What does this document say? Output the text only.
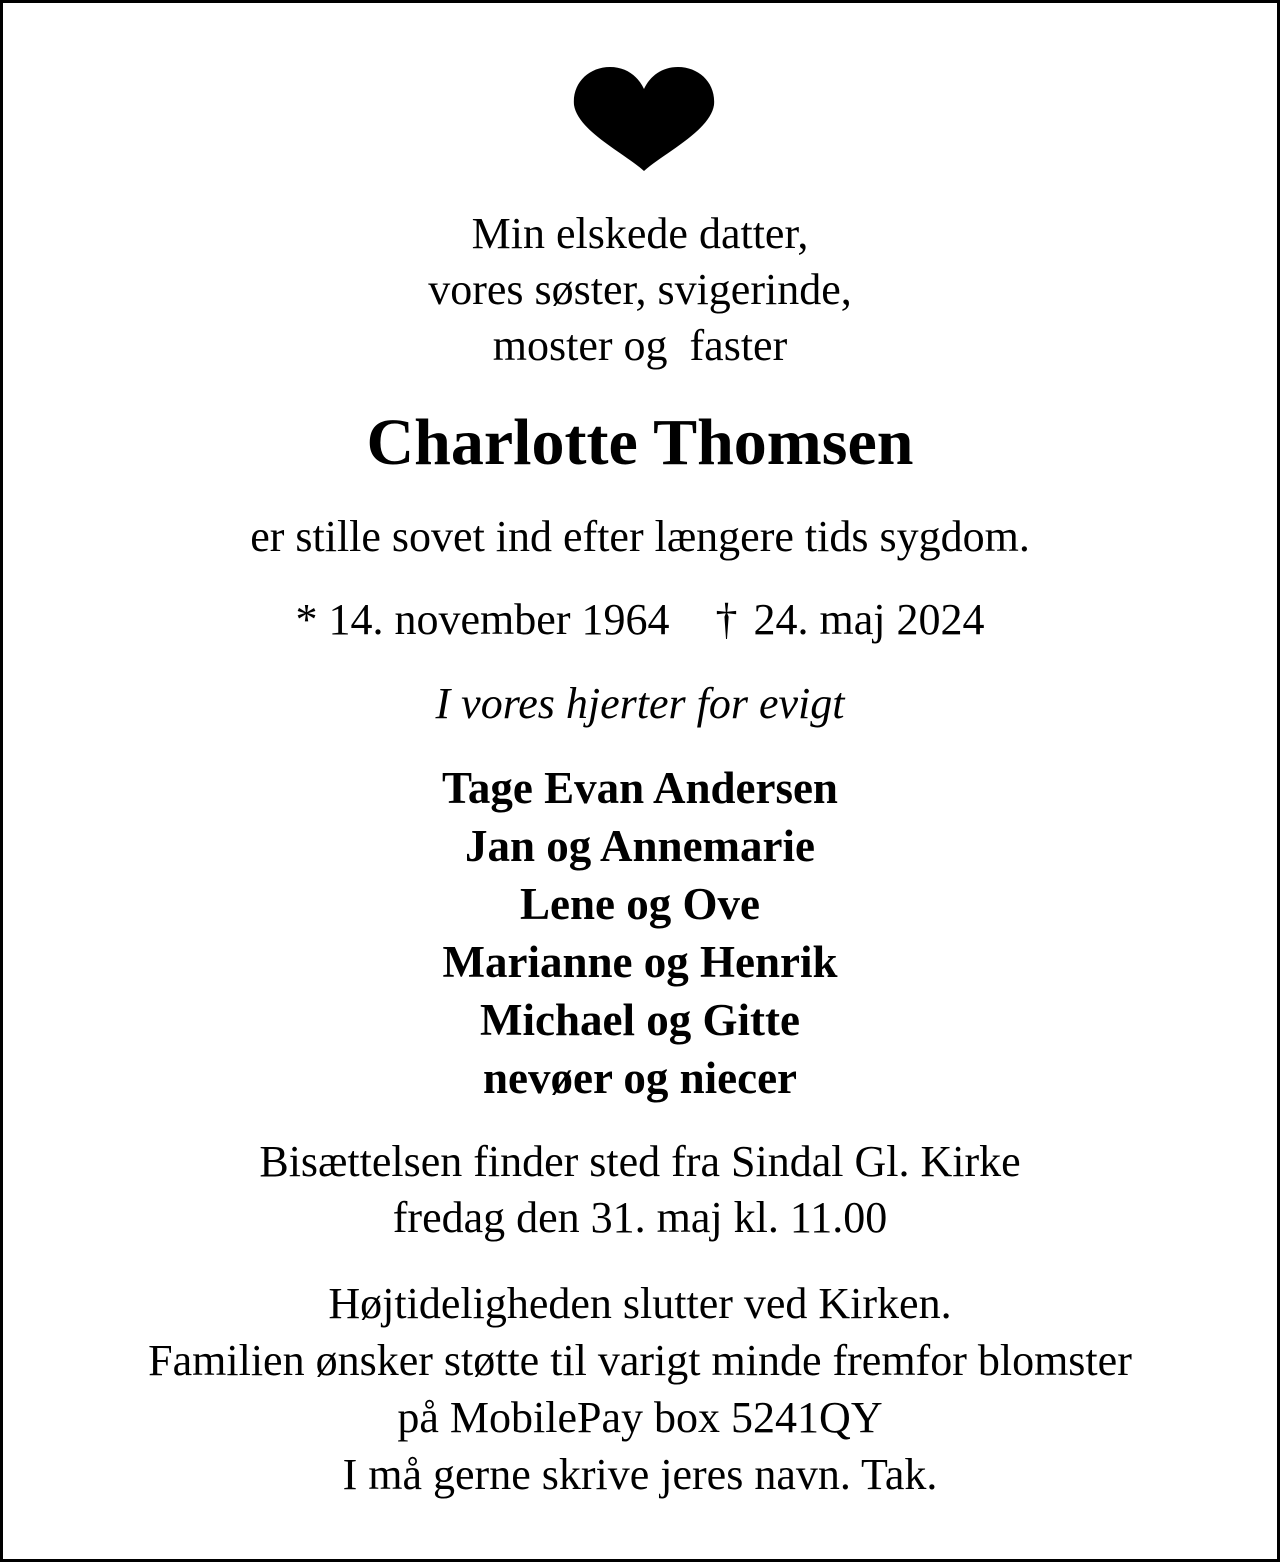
Min elskede datter,
vores søster, svigerinde,
moster og  faster
Charlotte Thomsen
er stille sovet ind efter længere tids sygdom.
* 14. november 1964 † 24. maj 2024
I vores hjerter for evigt
Tage Evan Andersen
Jan og Annemarie
Lene og Ove
Marianne og Henrik
Michael og Gitte
nevøer og niecer
Bisættelsen finder sted fra Sindal Gl. Kirke
fredag den 31. maj kl. 11.00
Højtideligheden slutter ved Kirken.
Familien ønsker støtte til varigt minde fremfor blomster
på MobilePay box 5241QY
I må gerne skrive jeres navn. Tak.
